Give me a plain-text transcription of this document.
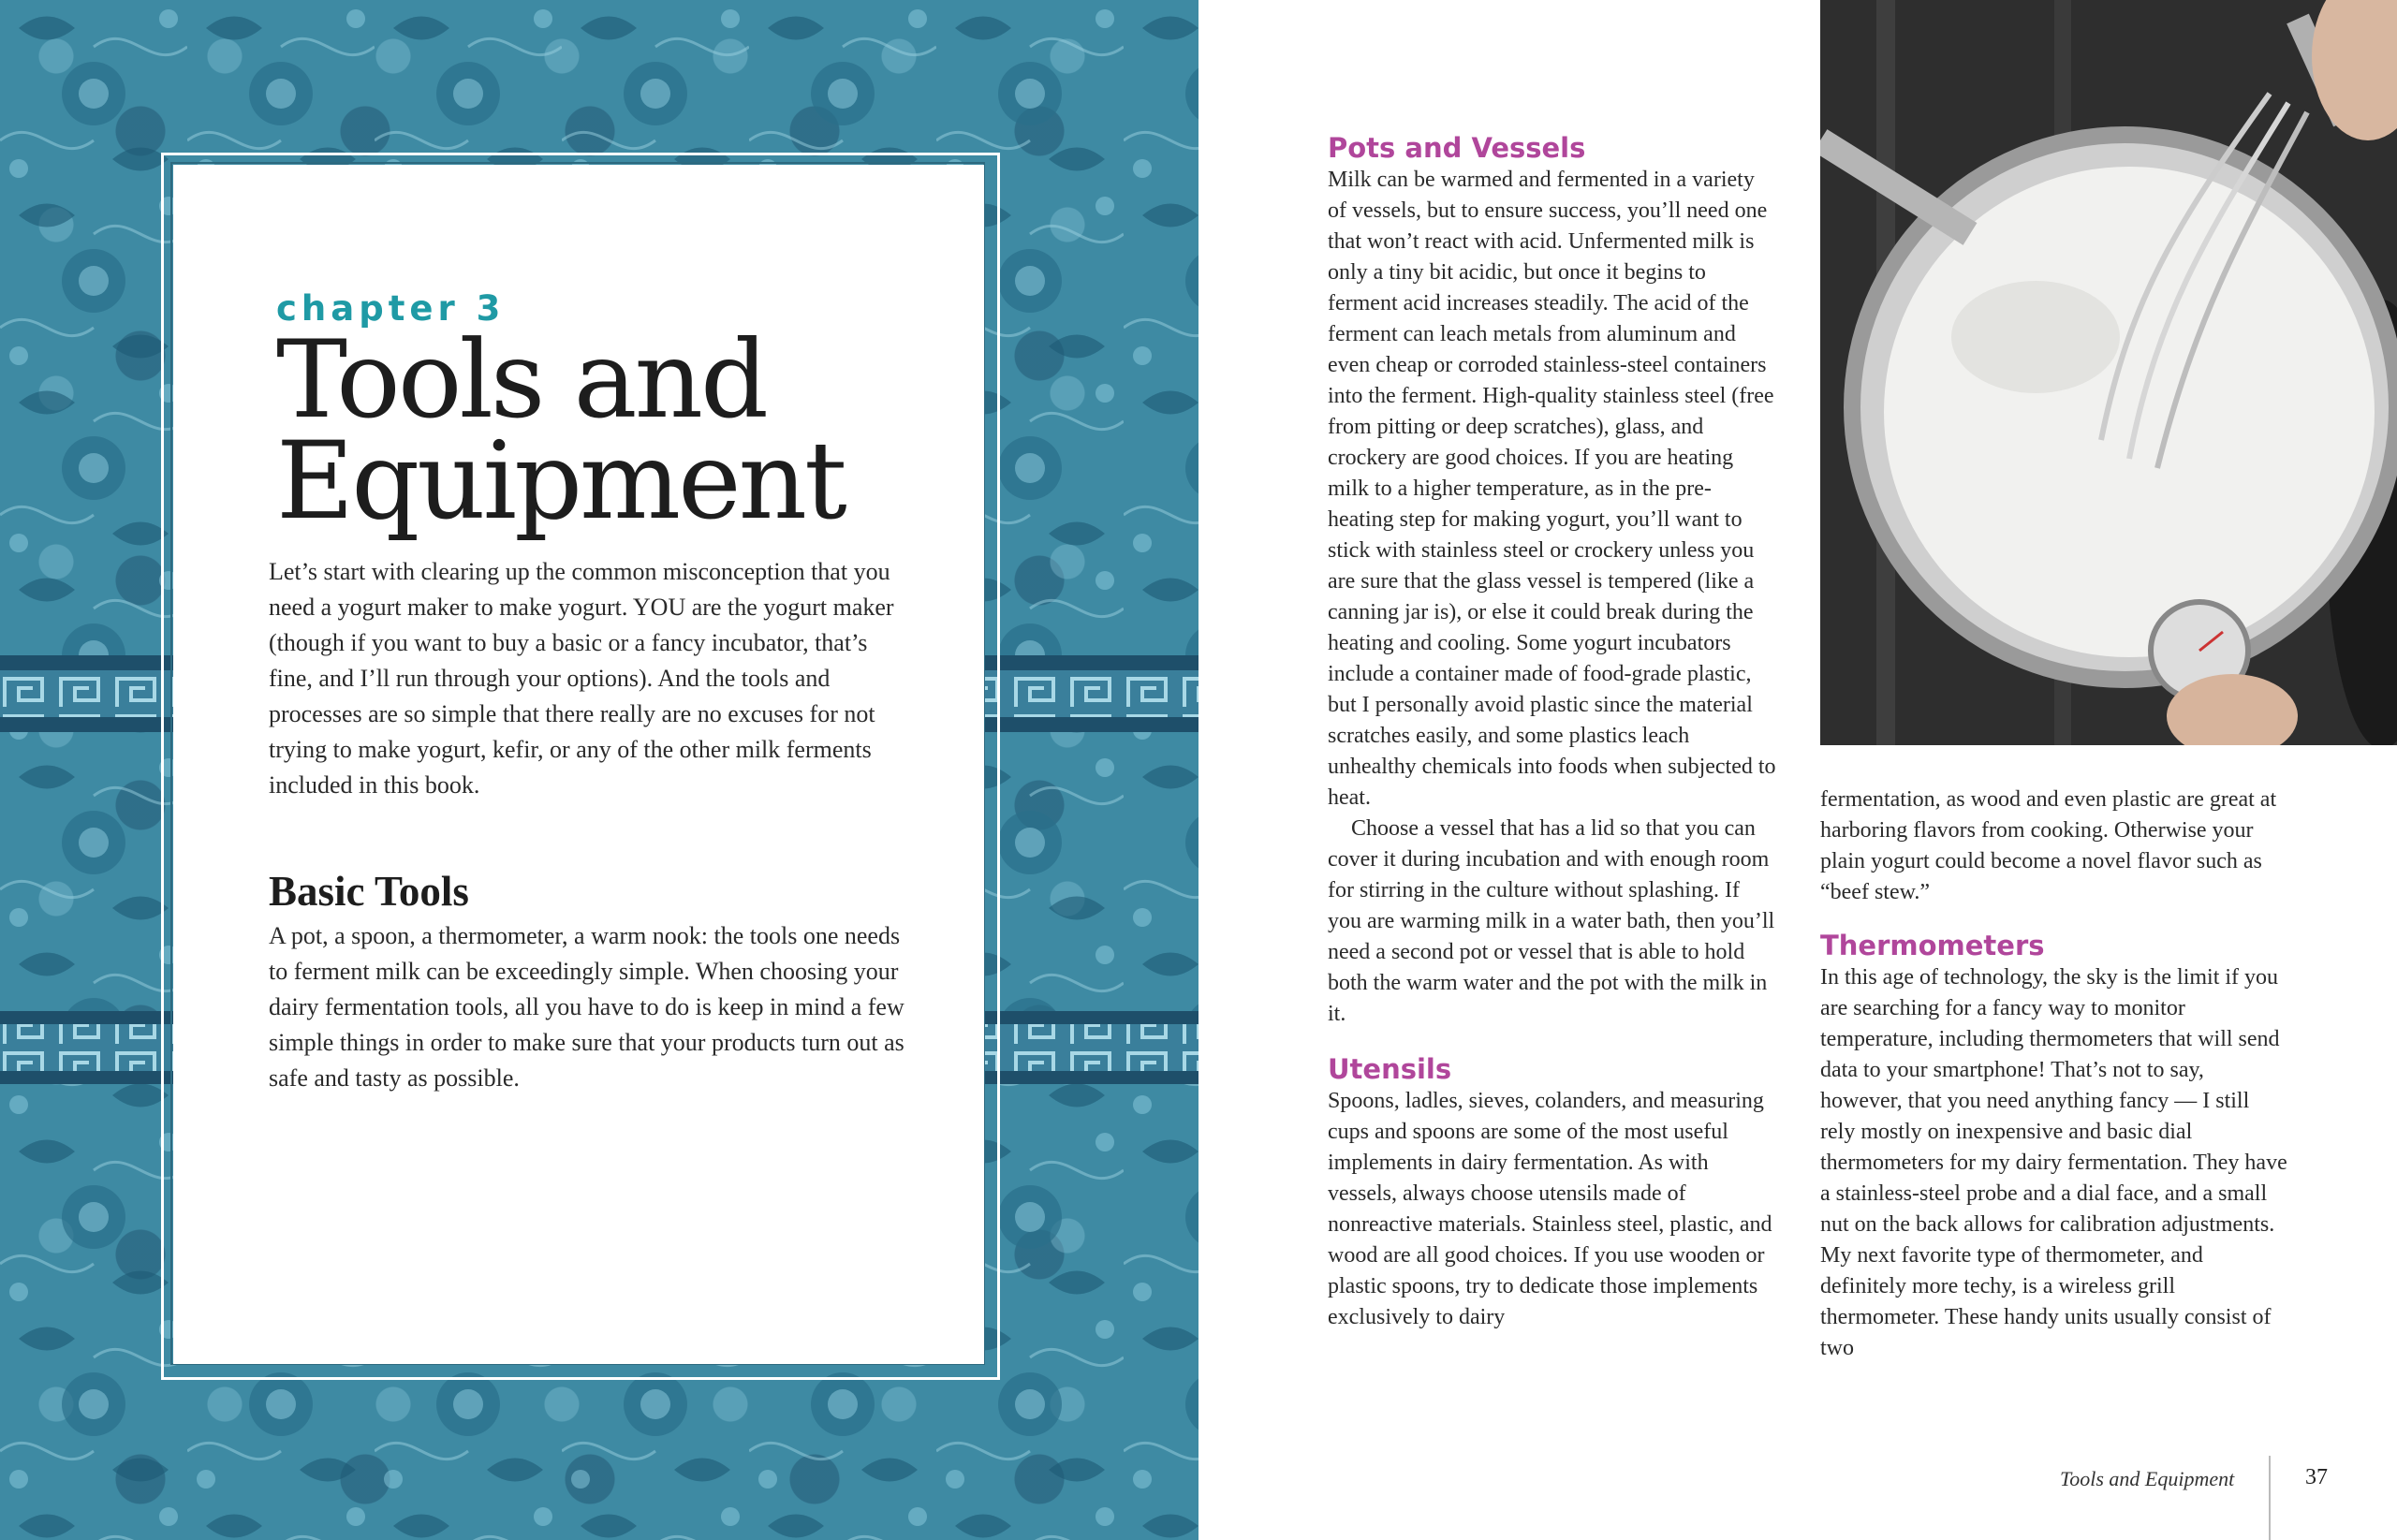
chapter 3
Tools and
Equipment

Let’s start with clearing up the common misconception that you need a yogurt maker to make yogurt. YOU are the yogurt maker (though if you want to buy a basic or a fancy incubator, that’s fine, and I’ll run through your options). And the tools and processes are so simple that there really are no excuses for not trying to make yogurt, kefir, or any of the other milk ferments included in this book.

Basic Tools

A pot, a spoon, a thermometer, a warm nook: the tools one needs to ferment milk can be exceedingly simple. When choosing your dairy fermentation tools, all you have to do is keep in mind a few simple things in order to make sure that your products turn out as safe and tasty as possible.

Pots and Vessels

Milk can be warmed and fermented in a variety of vessels, but to ensure success, you’ll need one that won’t react with acid. Unfermented milk is only a tiny bit acidic, but once it begins to ferment acid increases steadily. The acid of the ferment can leach metals from aluminum and even cheap or corroded stainless-steel containers into the ferment. High-quality stainless steel (free from pitting or deep scratches), glass, and crockery are good choices. If you are heating milk to a higher temperature, as in the pre-heating step for making yogurt, you’ll want to stick with stainless steel or crockery unless you are sure that the glass vessel is tempered (like a canning jar is), or else it could break during the heating and cooling. Some yogurt incubators include a container made of food-grade plastic, but I personally avoid plastic since the material scratches easily, and some plastics leach unhealthy chemicals into foods when subjected to heat.

Choose a vessel that has a lid so that you can cover it during incubation and with enough room for stirring in the culture without splashing. If you are warming milk in a water bath, then you’ll need a second pot or vessel that is able to hold both the warm water and the pot with the milk in it.

Utensils

Spoons, ladles, sieves, colanders, and measuring cups and spoons are some of the most useful implements in dairy fermentation. As with vessels, always choose utensils made of nonreactive materials. Stainless steel, plastic, and wood are all good choices. If you use wooden or plastic spoons, try to dedicate those implements exclusively to dairy

fermentation, as wood and even plastic are great at harboring flavors from cooking. Otherwise your plain yogurt could become a novel flavor such as “beef stew.”

Thermometers

In this age of technology, the sky is the limit if you are searching for a fancy way to monitor temperature, including thermometers that will send data to your smartphone! That’s not to say, however, that you need anything fancy — I still rely mostly on inexpensive and basic dial thermometers for my dairy fermentation. They have a stainless-steel probe and a dial face, and a small nut on the back allows for calibration adjustments. My next favorite type of thermometer, and definitely more techy, is a wireless grill thermometer. These handy units usually consist of two

Tools and Equipment	37
